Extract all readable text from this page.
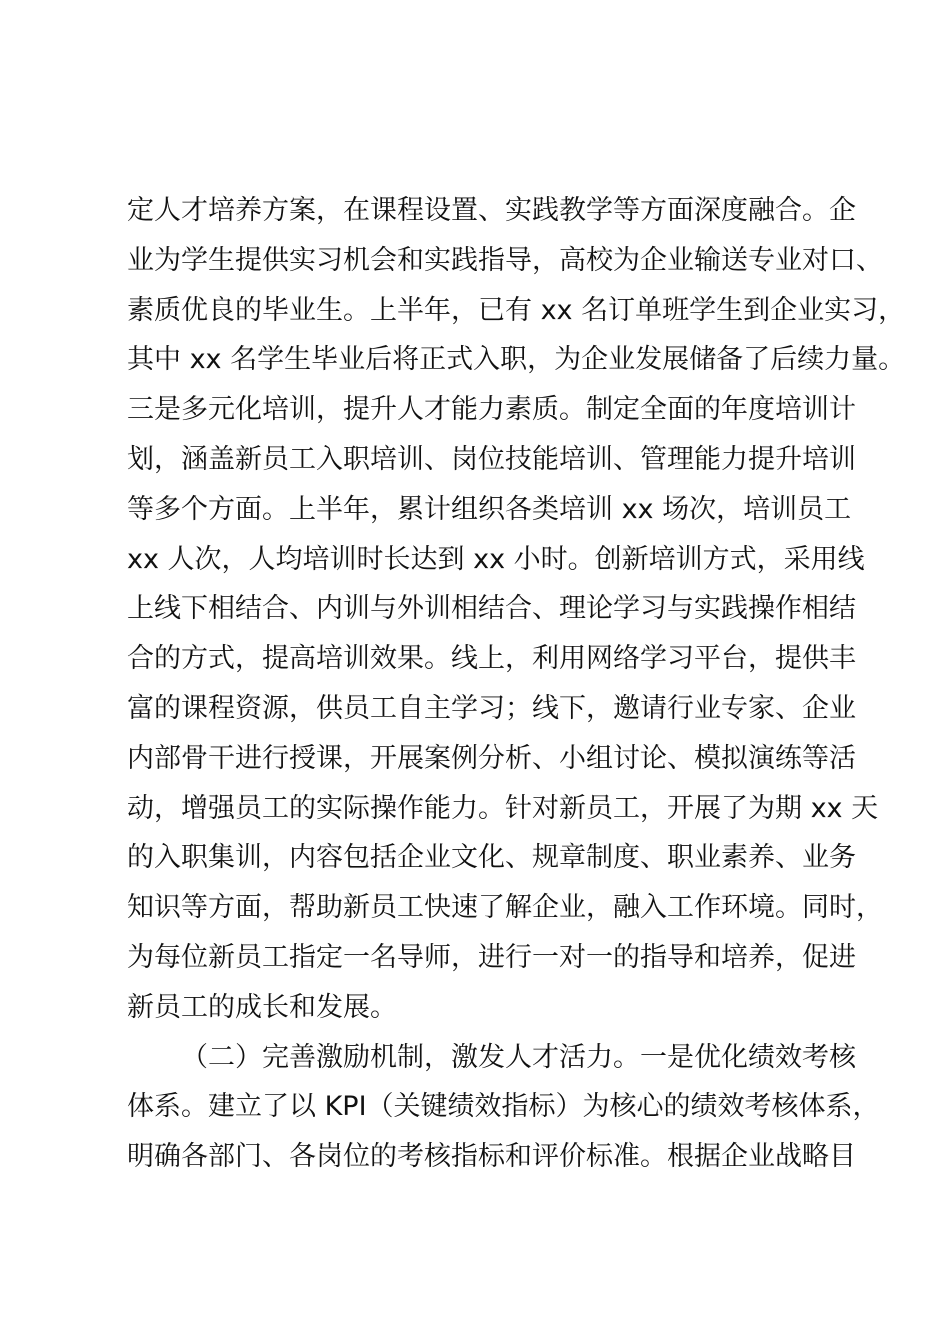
定人才培养方案，在课程设置、实践教学等方面深度融合。企
业为学生提供实习机会和实践指导，高校为企业输送专业对口、
素质优良的毕业生。上半年，已有 xx 名订单班学生到企业实习，
其中 xx 名学生毕业后将正式入职，为企业发展储备了后续力量。
三是多元化培训，提升人才能力素质。制定全面的年度培训计
划，涵盖新员工入职培训、岗位技能培训、管理能力提升培训
等多个方面。上半年，累计组织各类培训 xx 场次，培训员工
xx 人次，人均培训时长达到 xx 小时。创新培训方式，采用线
上线下相结合、内训与外训相结合、理论学习与实践操作相结
合的方式，提高培训效果。线上，利用网络学习平台，提供丰
富的课程资源，供员工自主学习；线下，邀请行业专家、企业
内部骨干进行授课，开展案例分析、小组讨论、模拟演练等活
动，增强员工的实际操作能力。针对新员工，开展了为期 xx 天
的入职集训，内容包括企业文化、规章制度、职业素养、业务
知识等方面，帮助新员工快速了解企业，融入工作环境。同时，
为每位新员工指定一名导师，进行一对一的指导和培养，促进
新员工的成长和发展。
（二）完善激励机制，激发人才活力。一是优化绩效考核
体系。建立了以 KPI（关键绩效指标）为核心的绩效考核体系，
明确各部门、各岗位的考核指标和评价标准。根据企业战略目
